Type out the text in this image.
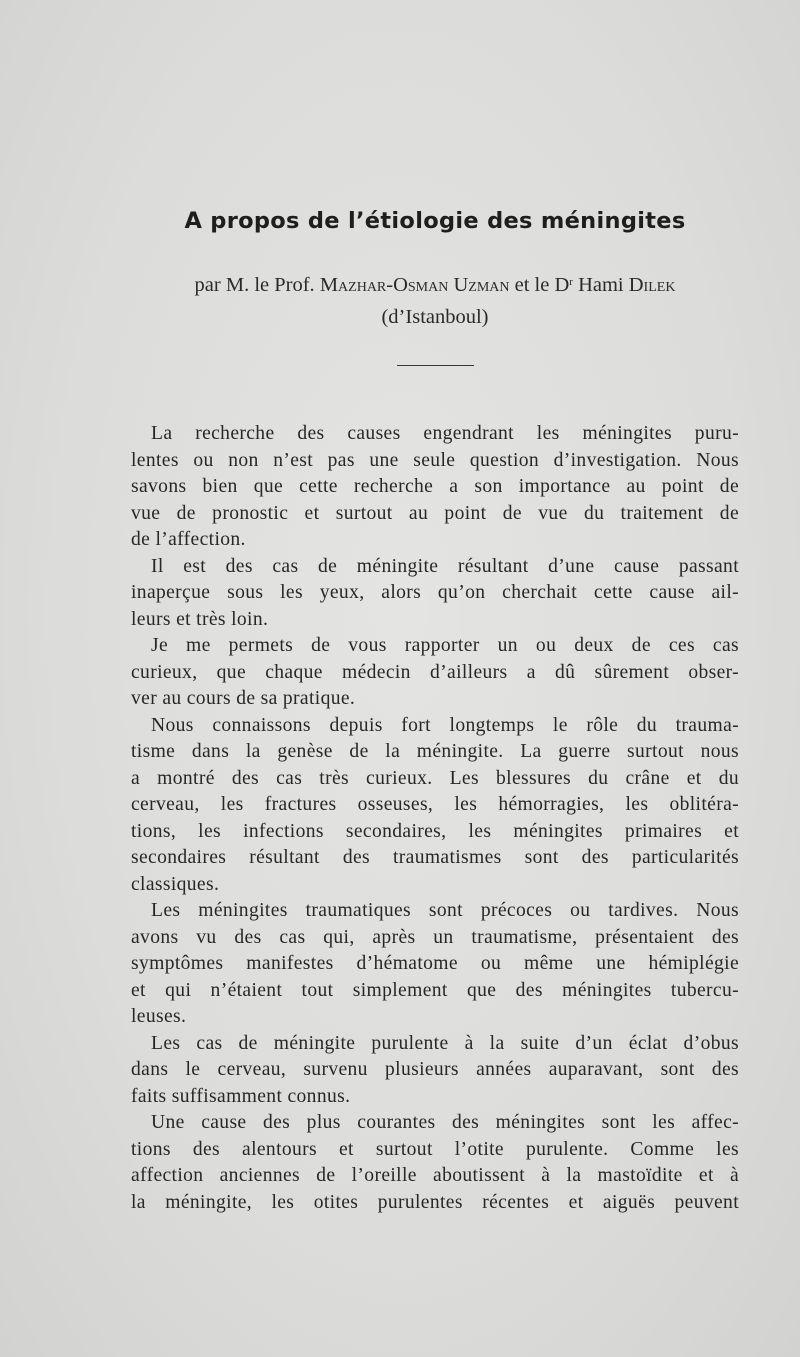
A propos de l’étiologie des méningites
par M. le Prof. Mazhar-Osman Uzman et le $D^r$ Hami Dilek
(d’Istanboul)
La recherche des causes engendrant les méningites puru-
lentes ou non n’est pas une seule question d’investigation. Nous
savons bien que cette recherche a son importance au point de
vue de pronostic et surtout au point de vue du traitement de
de l’affection.
Il est des cas de méningite résultant d’une cause passant
inaperçue sous les yeux, alors qu’on cherchait cette cause ail-
leurs et très loin.
Je me permets de vous rapporter un ou deux de ces cas
curieux, que chaque médecin d’ailleurs a dû sûrement obser-
ver au cours de sa pratique.
Nous connaissons depuis fort longtemps le rôle du trauma-
tisme dans la genèse de la méningite. La guerre surtout nous
a montré des cas très curieux. Les blessures du crâne et du
cerveau, les fractures osseuses, les hémorragies, les oblitéra-
tions, les infections secondaires, les méningites primaires et
secondaires résultant des traumatismes sont des particularités
classiques.
Les méningites traumatiques sont précoces ou tardives. Nous
avons vu des cas qui, après un traumatisme, présentaient des
symptômes manifestes d’hématome ou même une hémiplégie
et qui n’étaient tout simplement que des méningites tubercu-
leuses.
Les cas de méningite purulente à la suite d’un éclat d’obus
dans le cerveau, survenu plusieurs années auparavant, sont des
faits suffisamment connus.
Une cause des plus courantes des méningites sont les affec-
tions des alentours et surtout l’otite purulente. Comme les
affection anciennes de l’oreille aboutissent à la mastoïdite et à
la méningite, les otites purulentes récentes et aiguës peuvent
